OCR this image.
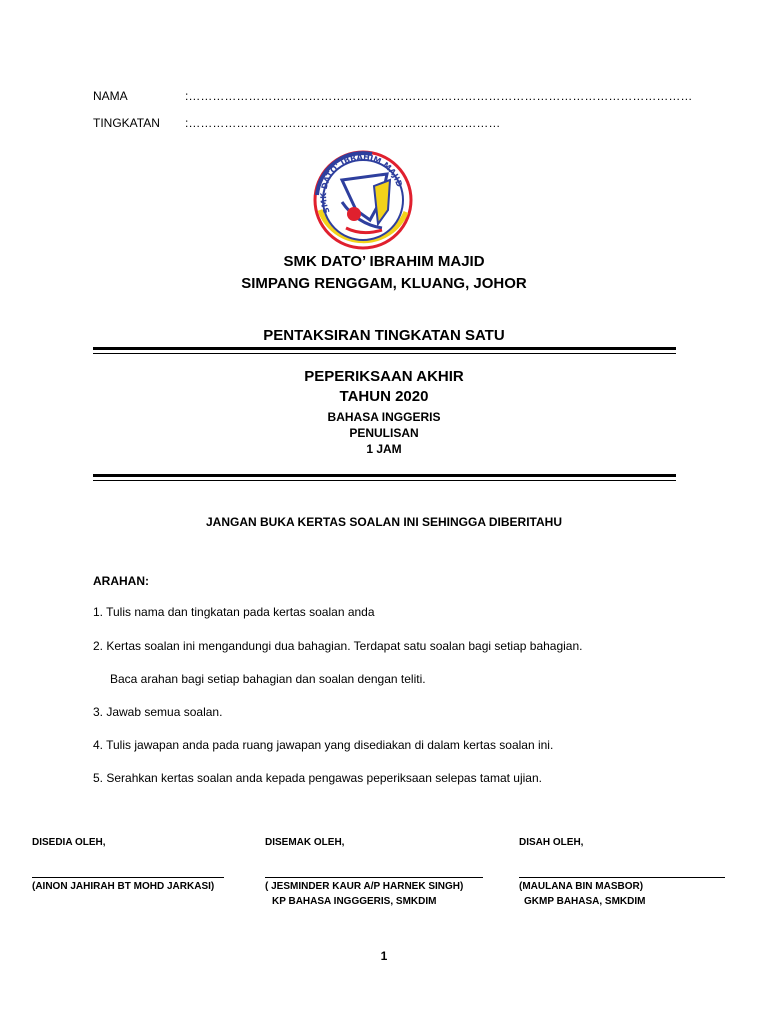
NAMA	:………………………………………………………………………………………………………………
TINGKATAN :……………………………………………………………………
SMK DATO' IBRAHIM MAJID
SMK DATO’ IBRAHIM MAJID
SIMPANG RENGGAM, KLUANG, JOHOR
PENTAKSIRAN TINGKATAN SATU
PEPERIKSAAN AKHIR
TAHUN 2020
BAHASA INGGERIS
PENULISAN
1 JAM
JANGAN BUKA KERTAS SOALAN INI SEHINGGA DIBERITAHU
ARAHAN:
1. Tulis nama dan tingkatan pada kertas soalan anda
2. Kertas soalan ini mengandungi dua bahagian. Terdapat satu soalan bagi setiap bahagian.
Baca arahan bagi setiap bahagian dan soalan dengan teliti.
3. Jawab semua soalan.
4. Tulis jawapan anda pada ruang jawapan yang disediakan di dalam kertas soalan ini.
5. Serahkan kertas soalan anda kepada pengawas peperiksaan selepas tamat ujian.
DISEDIA OLEH,
(AINON JAHIRAH BT MOHD JARKASI)
DISEMAK OLEH,
( JESMINDER KAUR A/P HARNEK SINGH)
KP BAHASA INGGGERIS, SMKDIM
DISAH OLEH,
(MAULANA BIN MASBOR)
GKMP BAHASA, SMKDIM
1
